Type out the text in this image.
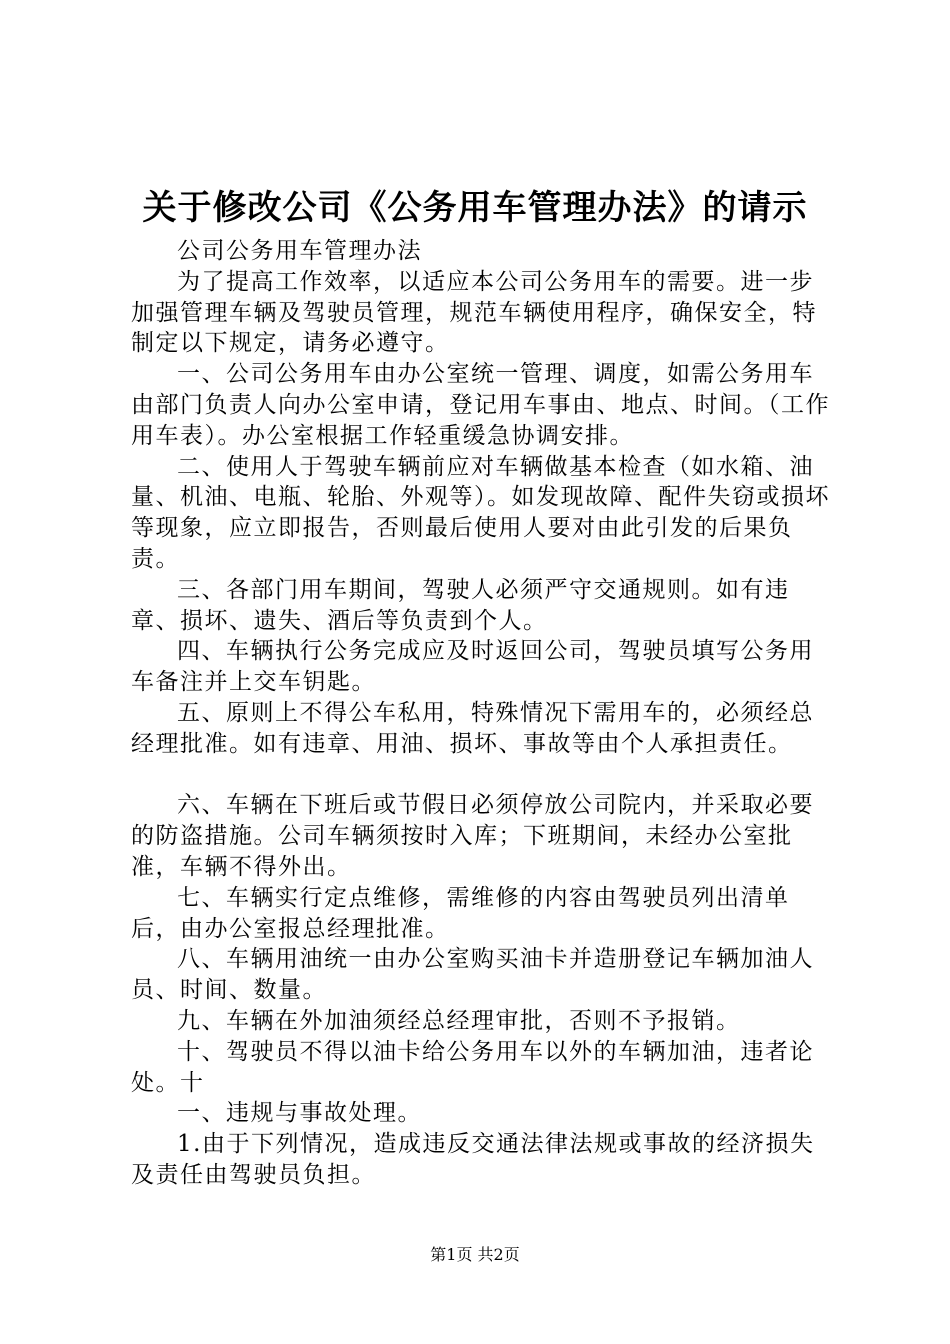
关于修改公司《公务用车管理办法》的请示

公司公务用车管理办法

为了提高工作效率，以适应本公司公务用车的需要。进一步加强管理车辆及驾驶员管理，规范车辆使用程序，确保安全，特制定以下规定，请务必遵守。

一、公司公务用车由办公室统一管理、调度，如需公务用车由部门负责人向办公室申请，登记用车事由、地点、时间。（工作用车表）。办公室根据工作轻重缓急协调安排。

二、使用人于驾驶车辆前应对车辆做基本检查（如水箱、油量、机油、电瓶、轮胎、外观等）。如发现故障、配件失窃或损坏等现象，应立即报告，否则最后使用人要对由此引发的后果负责。

三、各部门用车期间，驾驶人必须严守交通规则。如有违章、损坏、遗失、酒后等负责到个人。

四、车辆执行公务完成应及时返回公司，驾驶员填写公务用车备注并上交车钥匙。

五、原则上不得公车私用，特殊情况下需用车的，必须经总经理批准。如有违章、用油、损坏、事故等由个人承担责任。

六、车辆在下班后或节假日必须停放公司院内，并采取必要的防盗措施。公司车辆须按时入库；下班期间，未经办公室批准，车辆不得外出。

七、车辆实行定点维修，需维修的内容由驾驶员列出清单后，由办公室报总经理批准。

八、车辆用油统一由办公室购买油卡并造册登记车辆加油人员、时间、数量。

九、车辆在外加油须经总经理审批，否则不予报销。

十、驾驶员不得以油卡给公务用车以外的车辆加油，违者论处。十

一、违规与事故处理。

1.由于下列情况，造成违反交通法律法规或事故的经济损失及责任由驾驶员负担。

第1页 共2页
